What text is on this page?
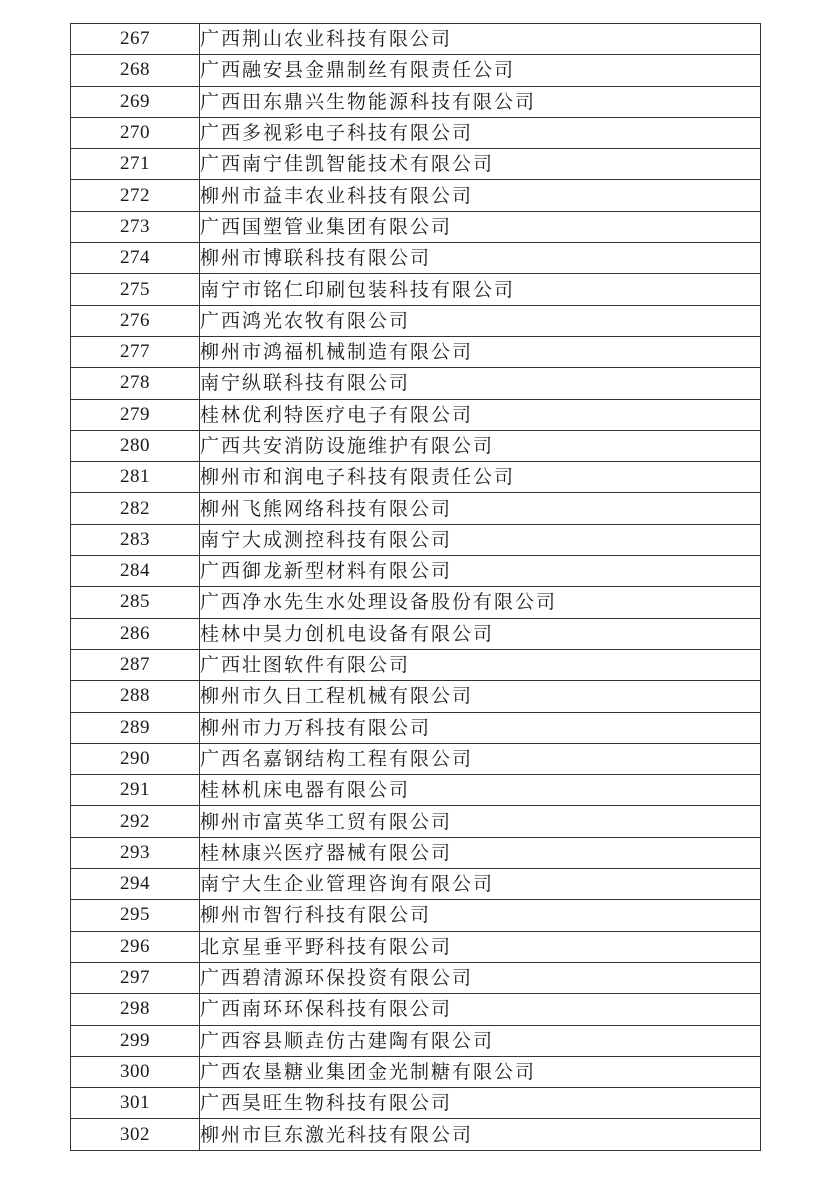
267	广西荆山农业科技有限公司
268	广西融安县金鼎制丝有限责任公司
269	广西田东鼎兴生物能源科技有限公司
270	广西多视彩电子科技有限公司
271	广西南宁佳凯智能技术有限公司
272	柳州市益丰农业科技有限公司
273	广西国塑管业集团有限公司
274	柳州市博联科技有限公司
275	南宁市铭仁印刷包装科技有限公司
276	广西鸿光农牧有限公司
277	柳州市鸿福机械制造有限公司
278	南宁纵联科技有限公司
279	桂林优利特医疗电子有限公司
280	广西共安消防设施维护有限公司
281	柳州市和润电子科技有限责任公司
282	柳州飞熊网络科技有限公司
283	南宁大成测控科技有限公司
284	广西御龙新型材料有限公司
285	广西净水先生水处理设备股份有限公司
286	桂林中昊力创机电设备有限公司
287	广西壮图软件有限公司
288	柳州市久日工程机械有限公司
289	柳州市力万科技有限公司
290	广西名嘉钢结构工程有限公司
291	桂林机床电器有限公司
292	柳州市富英华工贸有限公司
293	桂林康兴医疗器械有限公司
294	南宁大生企业管理咨询有限公司
295	柳州市智行科技有限公司
296	北京星垂平野科技有限公司
297	广西碧清源环保投资有限公司
298	广西南环环保科技有限公司
299	广西容县顺垚仿古建陶有限公司
300	广西农垦糖业集团金光制糖有限公司
301	广西昊旺生物科技有限公司
302	柳州市巨东激光科技有限公司
